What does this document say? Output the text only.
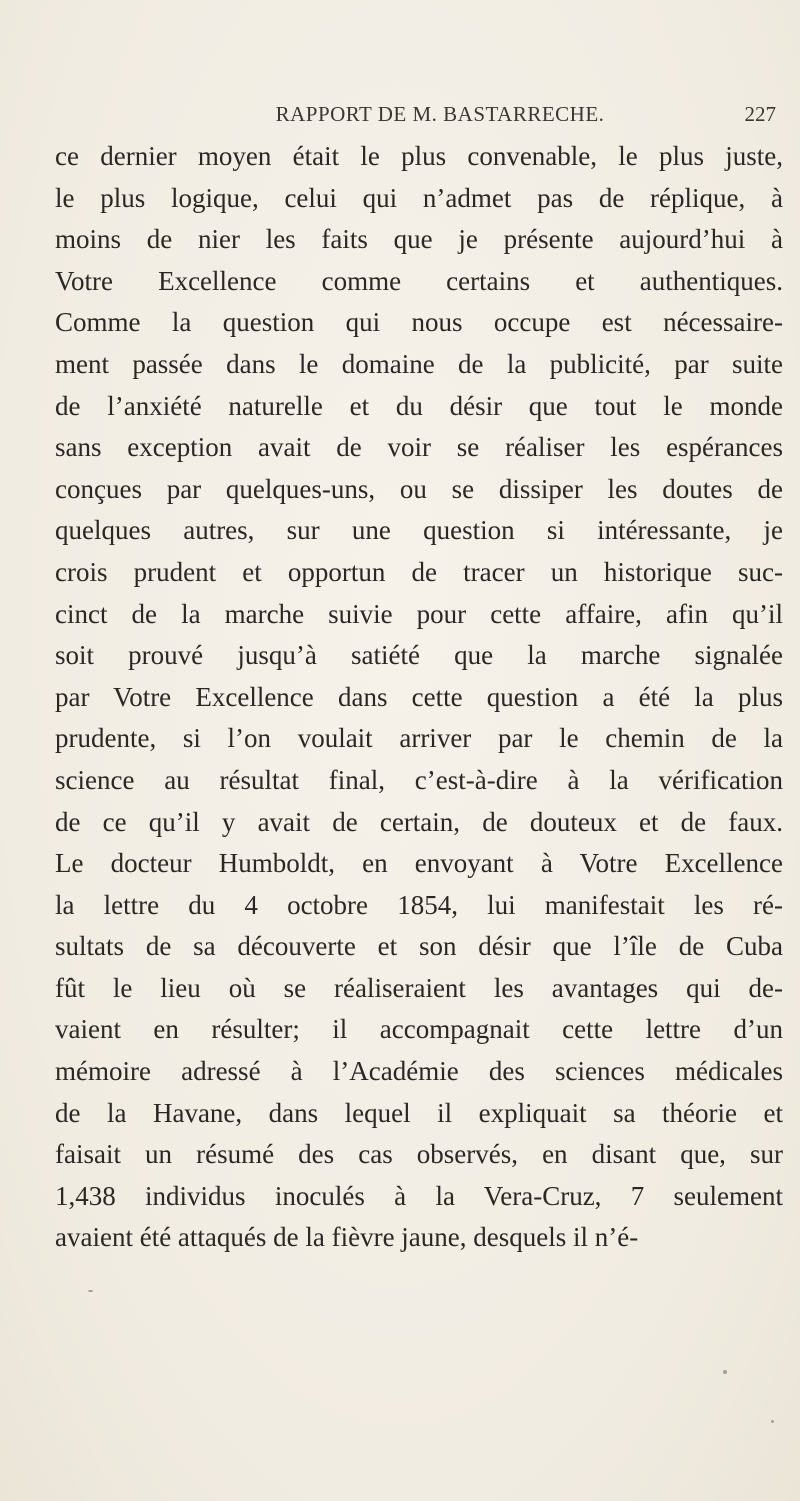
RAPPORT DE M. BASTARRECHE.	227
ce dernier moyen était le plus convenable, le plus juste,
le plus logique, celui qui n’admet pas de réplique, à
moins de nier les faits que je présente aujourd’hui à
Votre Excellence comme certains et authentiques.
Comme la question qui nous occupe est nécessaire-
ment passée dans le domaine de la publicité, par suite
de l’anxiété naturelle et du désir que tout le monde
sans exception avait de voir se réaliser les espérances
conçues par quelques-uns, ou se dissiper les doutes de
quelques autres, sur une question si intéressante, je
crois prudent et opportun de tracer un historique suc-
cinct de la marche suivie pour cette affaire, afin qu’il
soit prouvé jusqu’à satiété que la marche signalée
par Votre Excellence dans cette question a été la plus
prudente, si l’on voulait arriver par le chemin de la
science au résultat final, c’est-à-dire à la vérification
de ce qu’il y avait de certain, de douteux et de faux.
Le docteur Humboldt, en envoyant à Votre Excellence
la lettre du 4 octobre 1854, lui manifestait les ré-
sultats de sa découverte et son désir que l’île de Cuba
fût le lieu où se réaliseraient les avantages qui de-
vaient en résulter; il accompagnait cette lettre d’un
mémoire adressé à l’Académie des sciences médicales
de la Havane, dans lequel il expliquait sa théorie et
faisait un résumé des cas observés, en disant que, sur
1,438 individus inoculés à la Vera-Cruz, 7 seulement
avaient été attaqués de la fièvre jaune, desquels il n’é-
